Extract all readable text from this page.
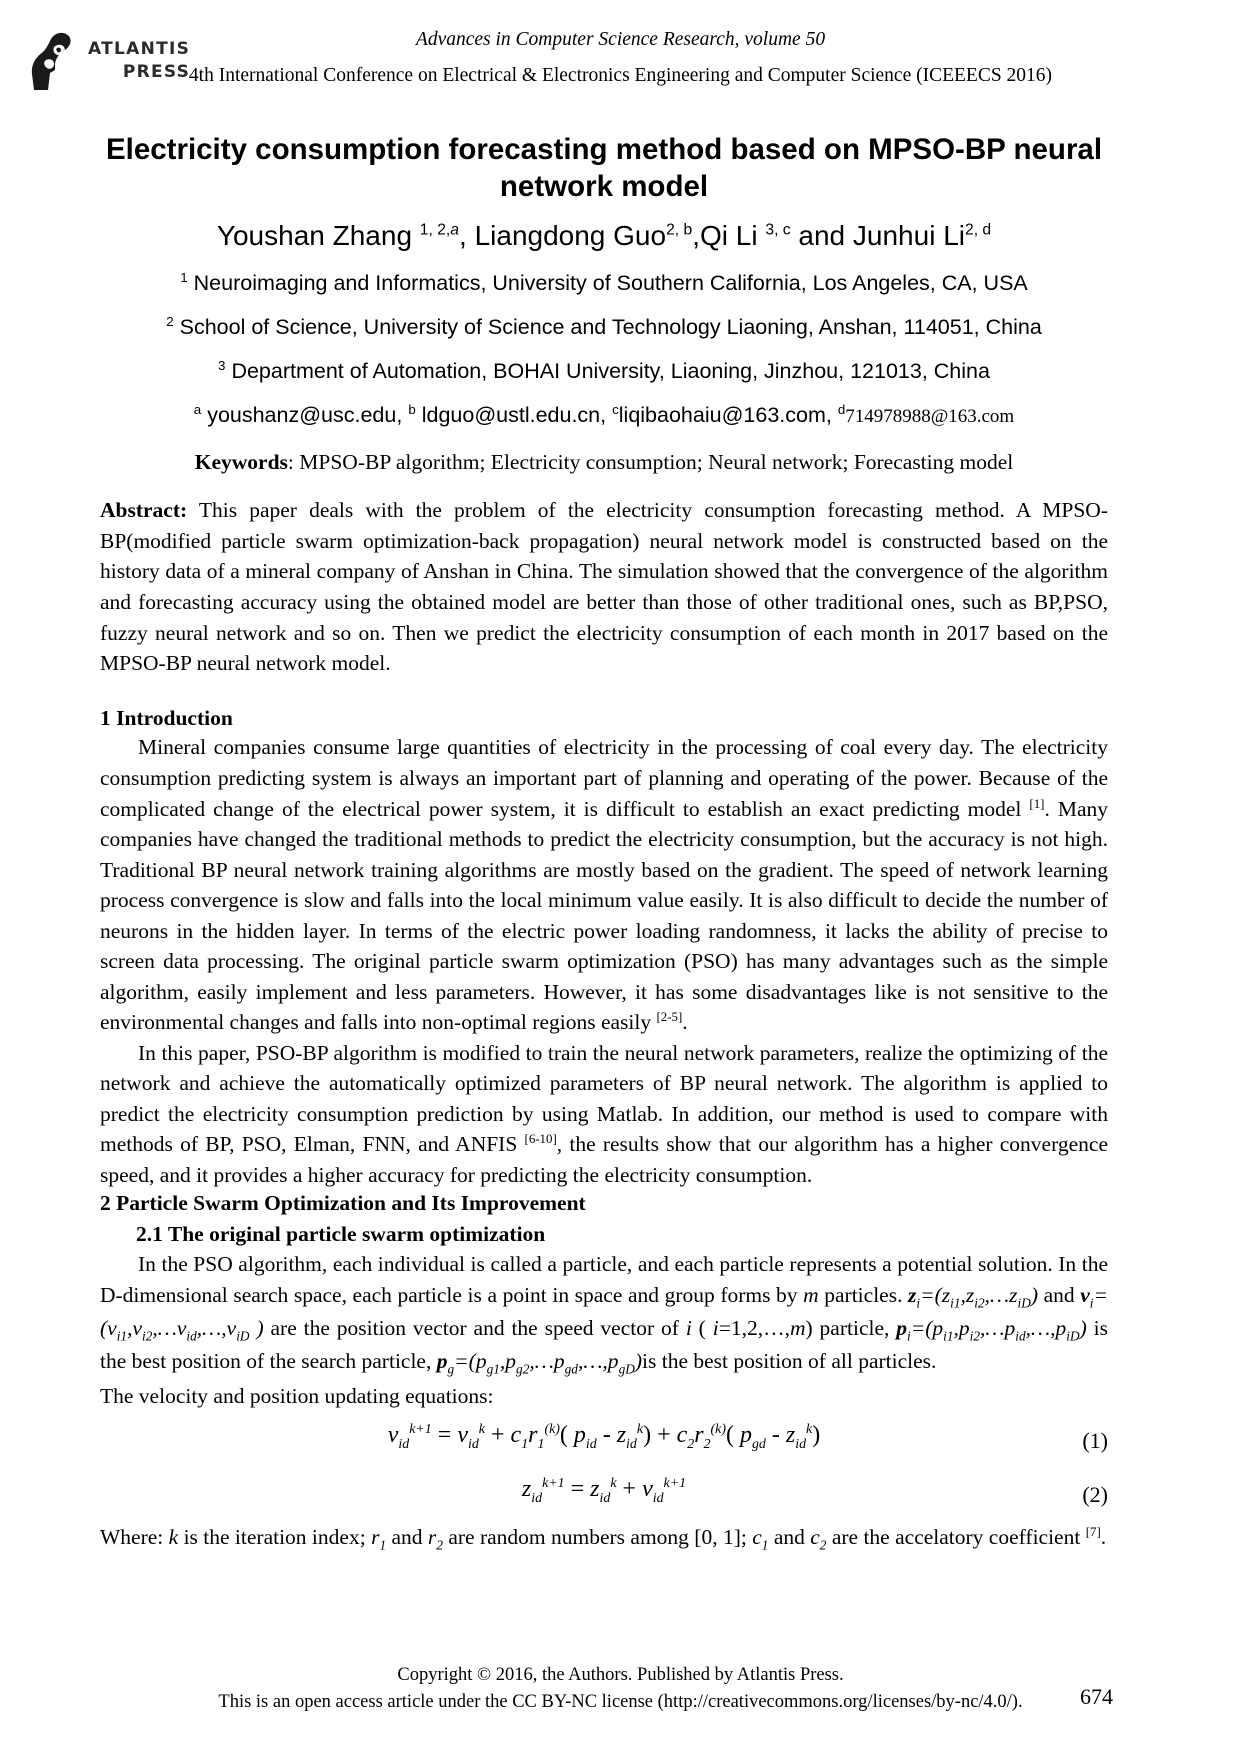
ATLANTIS
PRESS
Advances in Computer Science Research, volume 50
4th International Conference on Electrical & Electronics Engineering and Computer Science (ICEEECS 2016)
Electricity consumption forecasting method based on MPSO-BP neural network model
Youshan Zhang $^{1, 2,a}$, Liangdong Guo$^{2, b}$,Qi Li $^{3, c}$ and Junhui Li$^{2, d}$
$^1$ Neuroimaging and Informatics, University of Southern California, Los Angeles, CA, USA
$^2$ School of Science, University of Science and Technology Liaoning, Anshan, 114051, China
$^3$ Department of Automation, BOHAI University, Liaoning, Jinzhou, 121013, China
$^a$ youshanz@usc.edu, $^b$ ldguo@ustl.edu.cn, $^c$liqibaohaiu@163.com, $^d$714978988@163.com
Keywords: MPSO-BP algorithm; Electricity consumption; Neural network; Forecasting model
Abstract: This paper deals with the problem of the electricity consumption forecasting method. A MPSO-BP(modified particle swarm optimization-back propagation) neural network model is constructed based on the history data of a mineral company of Anshan in China. The simulation showed that the convergence of the algorithm and forecasting accuracy using the obtained model are better than those of other traditional ones, such as BP,PSO, fuzzy neural network and so on. Then we predict the electricity consumption of each month in 2017 based on the MPSO-BP neural network model.
1 Introduction
Mineral companies consume large quantities of electricity in the processing of coal every day. The electricity consumption predicting system is always an important part of planning and operating of the power. Because of the complicated change of the electrical power system, it is difficult to establish an exact predicting model [1]. Many companies have changed the traditional methods to predict the electricity consumption, but the accuracy is not high. Traditional BP neural network training algorithms are mostly based on the gradient. The speed of network learning process convergence is slow and falls into the local minimum value easily. It is also difficult to decide the number of neurons in the hidden layer. In terms of the electric power loading randomness, it lacks the ability of precise to screen data processing. The original particle swarm optimization (PSO) has many advantages such as the simple algorithm, easily implement and less parameters. However, it has some disadvantages like is not sensitive to the environmental changes and falls into non-optimal regions easily [2-5].
In this paper, PSO-BP algorithm is modified to train the neural network parameters, realize the optimizing of the network and achieve the automatically optimized parameters of BP neural network. The algorithm is applied to predict the electricity consumption prediction by using Matlab. In addition, our method is used to compare with methods of BP, PSO, Elman, FNN, and ANFIS [6-10], the results show that our algorithm has a higher convergence speed, and it provides a higher accuracy for predicting the electricity consumption.
2 Particle Swarm Optimization and Its Improvement
2.1 The original particle swarm optimization
In the PSO algorithm, each individual is called a particle, and each particle represents a potential solution. In the D-dimensional search space, each particle is a point in space and group forms by m particles. $z_i=(z_{i1},z_{i2},\dots z_{iD})$ and $v_i=(v_{i1},v_{i2},\dots v_{id},\dots,v_{iD}$ ) are the position vector and the speed vector of i ( i=1,2,…,m) particle, $p_i=(p_{i1},p_{i2},\dots p_{id},\dots,p_{iD})$ is the best position of the search particle, $p_g=(p_{g1},p_{g2},\dots p_{gd},\dots,p_{gD})is$ the best position of all particles.
The velocity and position updating equations:
$v_{id}^{k+1} = v_{id}^k + c_1r_1^{(k)}$( $p_{id} - z_{id}^k) + c_2r_2^{(k)}$( $p_{gd} - z_{id}^k$)	(1)
$z_{id}^{k+1} = z_{id}^k + v_{id}^{k+1}$	(2)
Where: k is the iteration index; $r_1$ and $r_2$ are random numbers among [0, 1]; $c_1$ and $c_2$ are the accelatory coefficient [7].
Copyright © 2016, the Authors. Published by Atlantis Press.
This is an open access article under the CC BY-NC license (http://creativecommons.org/licenses/by-nc/4.0/).	674
